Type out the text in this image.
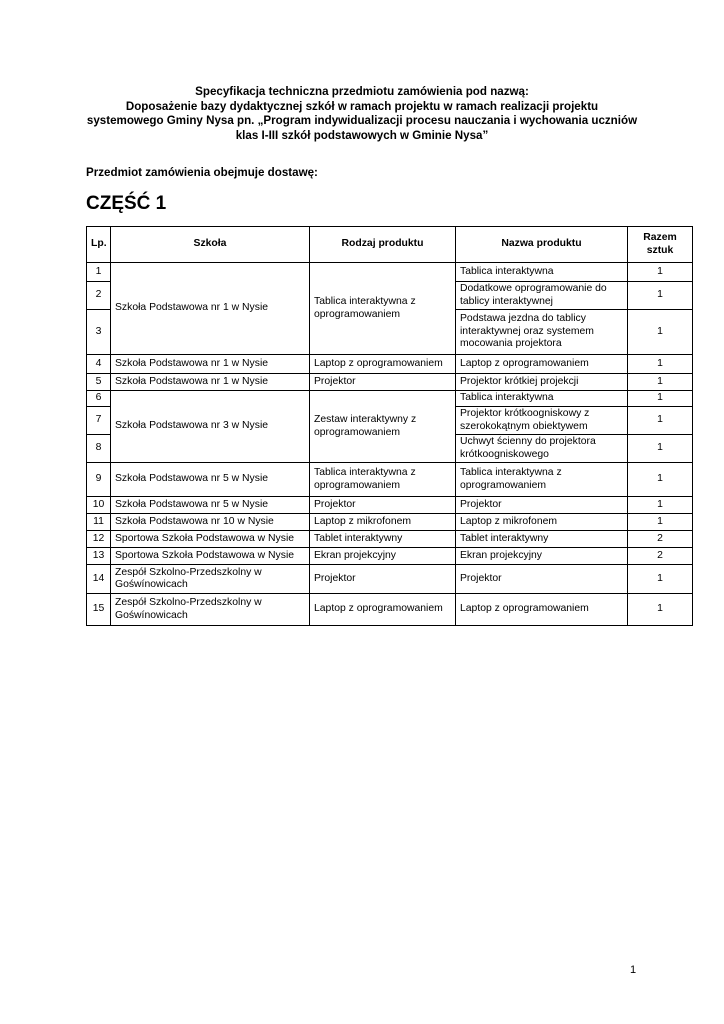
Specyfikacja techniczna przedmiotu zamówienia pod nazwą:
Doposażenie bazy dydaktycznej szkół w ramach projektu w ramach realizacji projektu
systemowego Gminy Nysa pn. „Program indywidualizacji procesu nauczania i wychowania uczniów
klas I-III szkół podstawowych w Gminie Nysa”
Przedmiot zamówienia obejmuje dostawę:
CZĘŚĆ 1
Lp.	Szkoła	Rodzaj produktu	Nazwa produktu	Razem sztuk
1	Szkoła Podstawowa nr 1 w Nysie	Tablica interaktywna z oprogramowaniem	Tablica interaktywna	1
2			Dodatkowe oprogramowanie do tablicy interaktywnej	1
3			Podstawa jezdna do tablicy interaktywnej oraz systemem mocowania projektora	1
4	Szkoła Podstawowa nr 1 w Nysie	Laptop z oprogramowaniem	Laptop z oprogramowaniem	1
5	Szkoła Podstawowa nr 1 w Nysie	Projektor	Projektor krótkiej projekcji	1
6	Szkoła Podstawowa nr 3 w Nysie	Zestaw interaktywny z oprogramowaniem	Tablica interaktywna	1
7			Projektor krótkoogniskowy z szerokokątnym obiektywem	1
8			Uchwyt ścienny do projektora krótkoogniskowego	1
9	Szkoła Podstawowa nr 5 w Nysie	Tablica interaktywna z oprogramowaniem	Tablica interaktywna z oprogramowaniem	1
10	Szkoła Podstawowa nr 5 w Nysie	Projektor	Projektor	1
11	Szkoła Podstawowa nr 10 w Nysie	Laptop z mikrofonem	Laptop z mikrofonem	1
12	Sportowa Szkoła Podstawowa w Nysie	Tablet interaktywny	Tablet interaktywny	2
13	Sportowa Szkoła Podstawowa w Nysie	Ekran projekcyjny	Ekran projekcyjny	2
14	Zespół Szkolno-Przedszkolny w Gośwínowicach	Projektor	Projektor	1
15	Zespół Szkolno-Przedszkolny w Gośwínowicach	Laptop z oprogramowaniem	Laptop z oprogramowaniem	1
1
